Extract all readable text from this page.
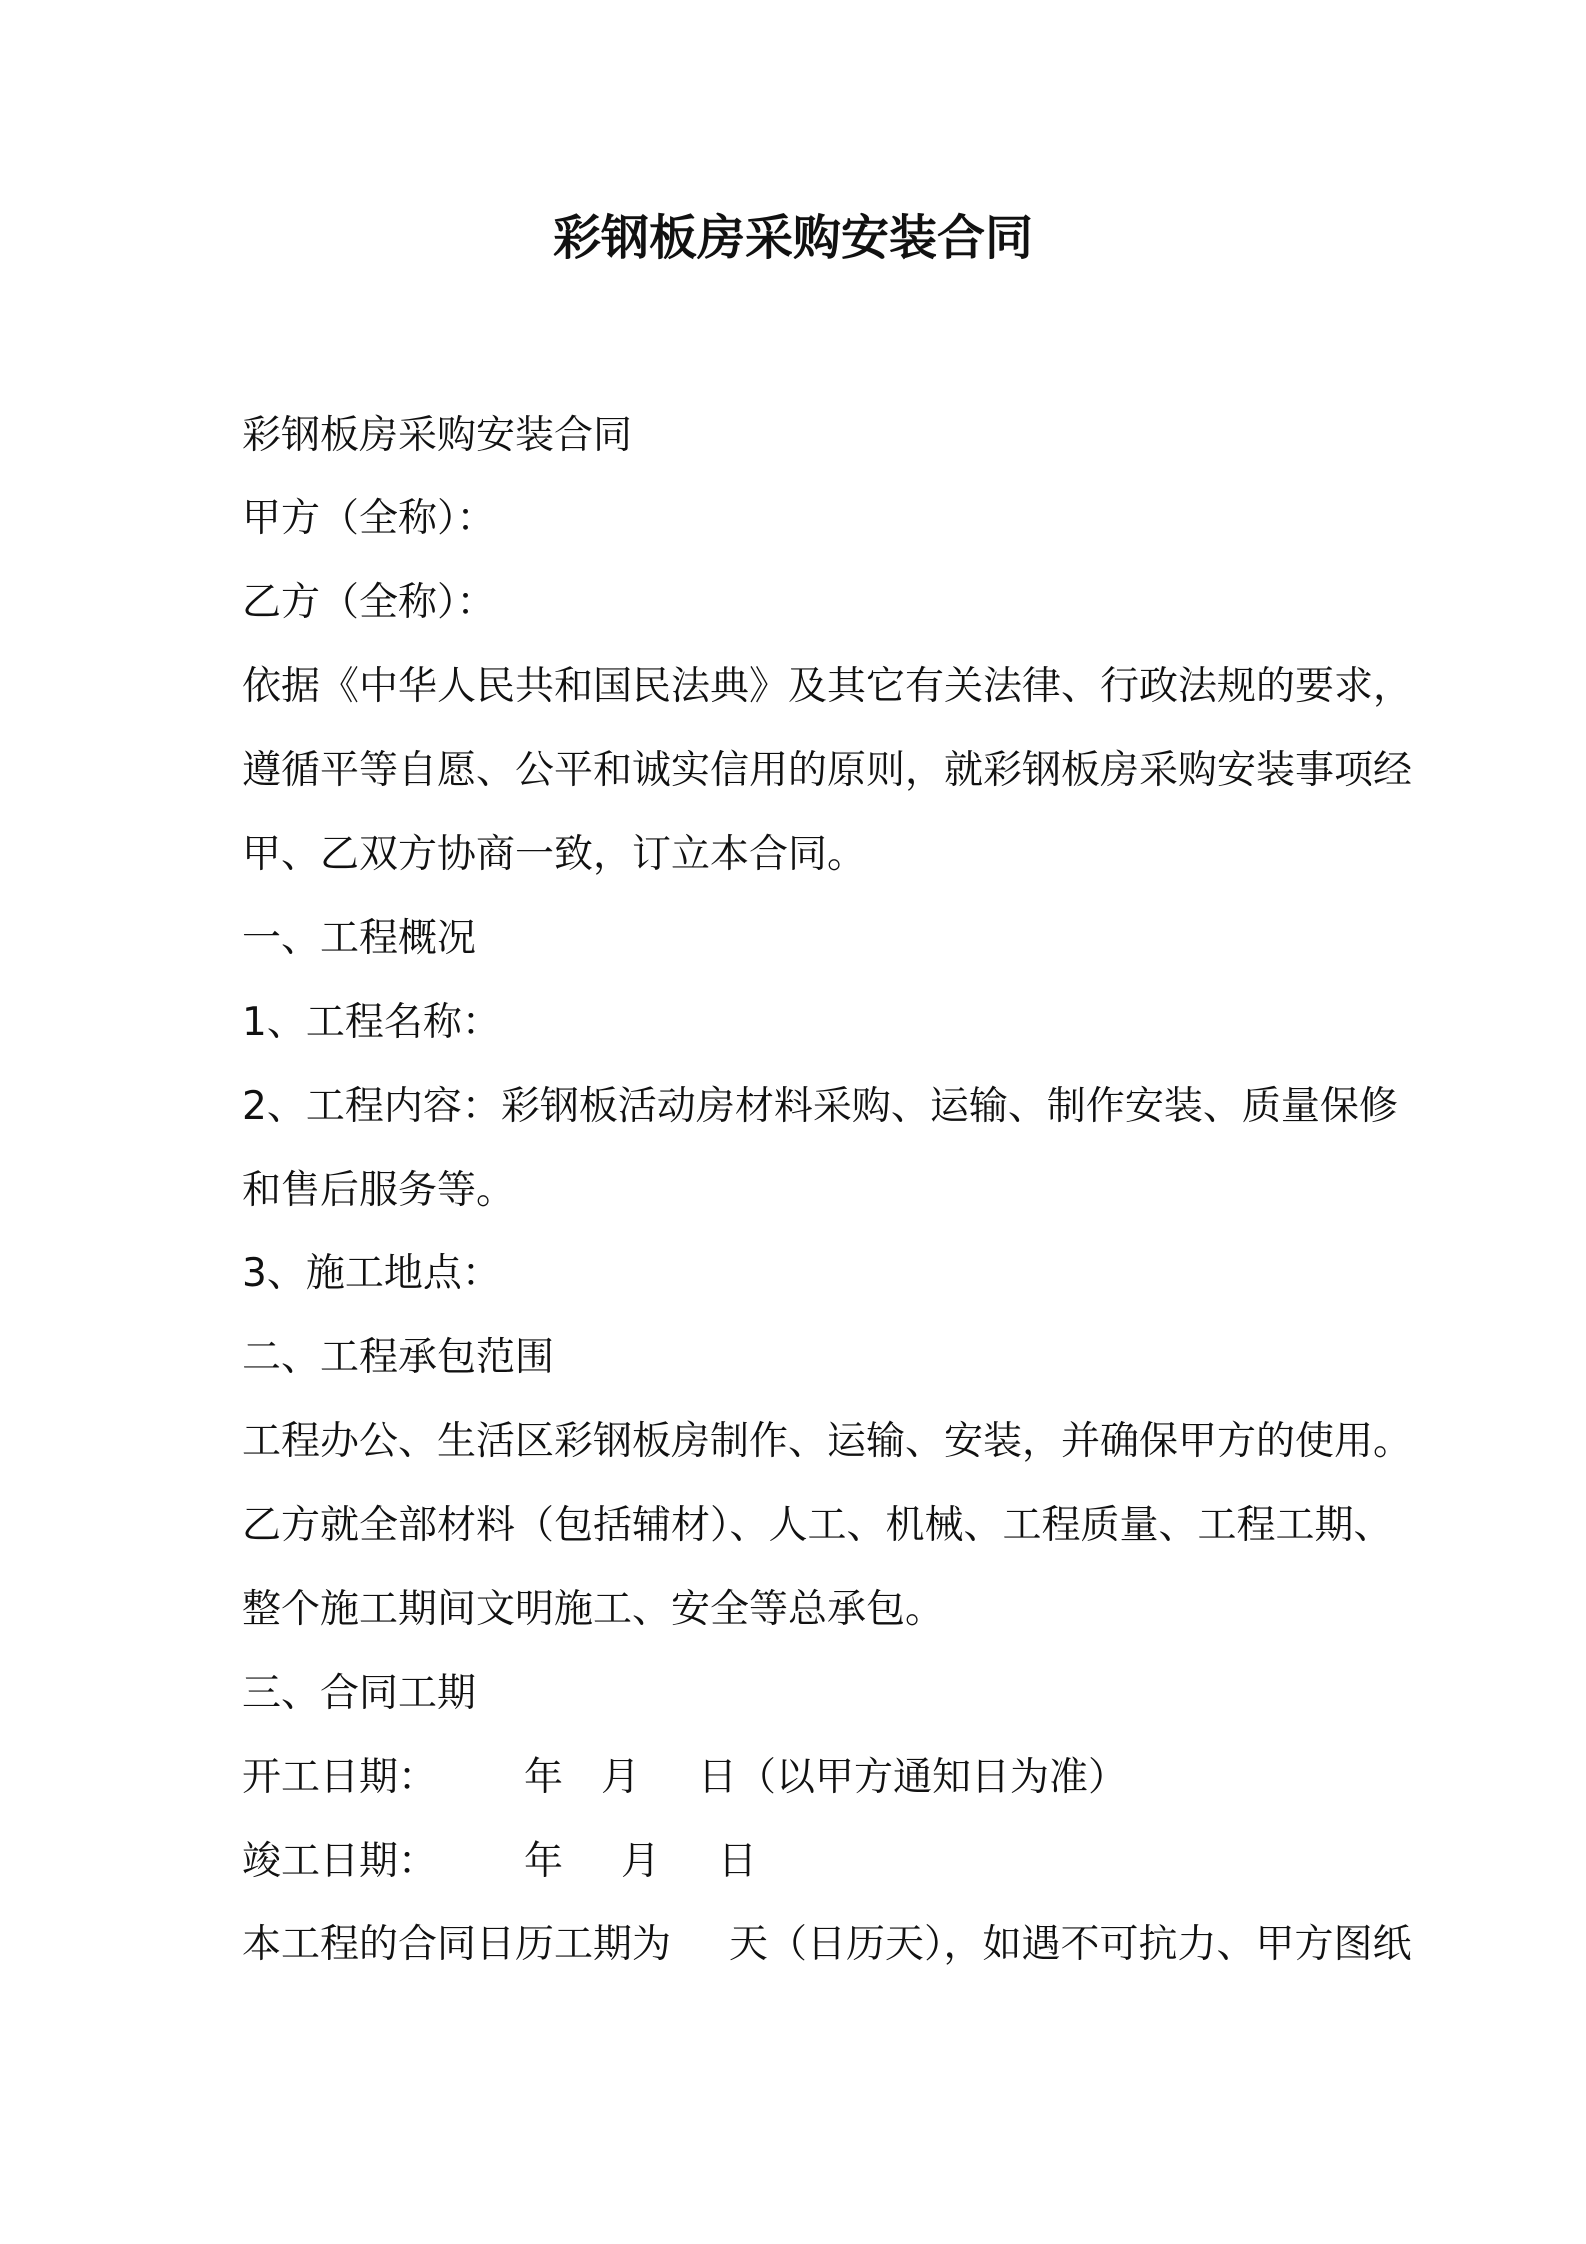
彩钢板房采购安装合同
彩钢板房采购安装合同
甲方（全称）：
乙方（全称）：
依据《中华人民共和国民法典》及其它有关法律、行政法规的要求，
遵循平等自愿、公平和诚实信用的原则，就彩钢板房采购安装事项经
甲、乙双方协商一致，订立本合同。
一、工程概况
1、工程名称：
2、工程内容：彩钢板活动房材料采购、运输、制作安装、质量保修
和售后服务等。
3、施工地点：
二、工程承包范围
工程办公、生活区彩钢板房制作、运输、安装，并确保甲方的使用。
乙方就全部材料（包括辅材）、人工、机械、工程质量、工程工期、
整个施工期间文明施工、安全等总承包。
三、合同工期
开工日期： 年 月 日（以甲方通知日为准）
竣工日期： 年 月 日
本工程的合同日历工期为 天（日历天），如遇不可抗力、甲方图纸
